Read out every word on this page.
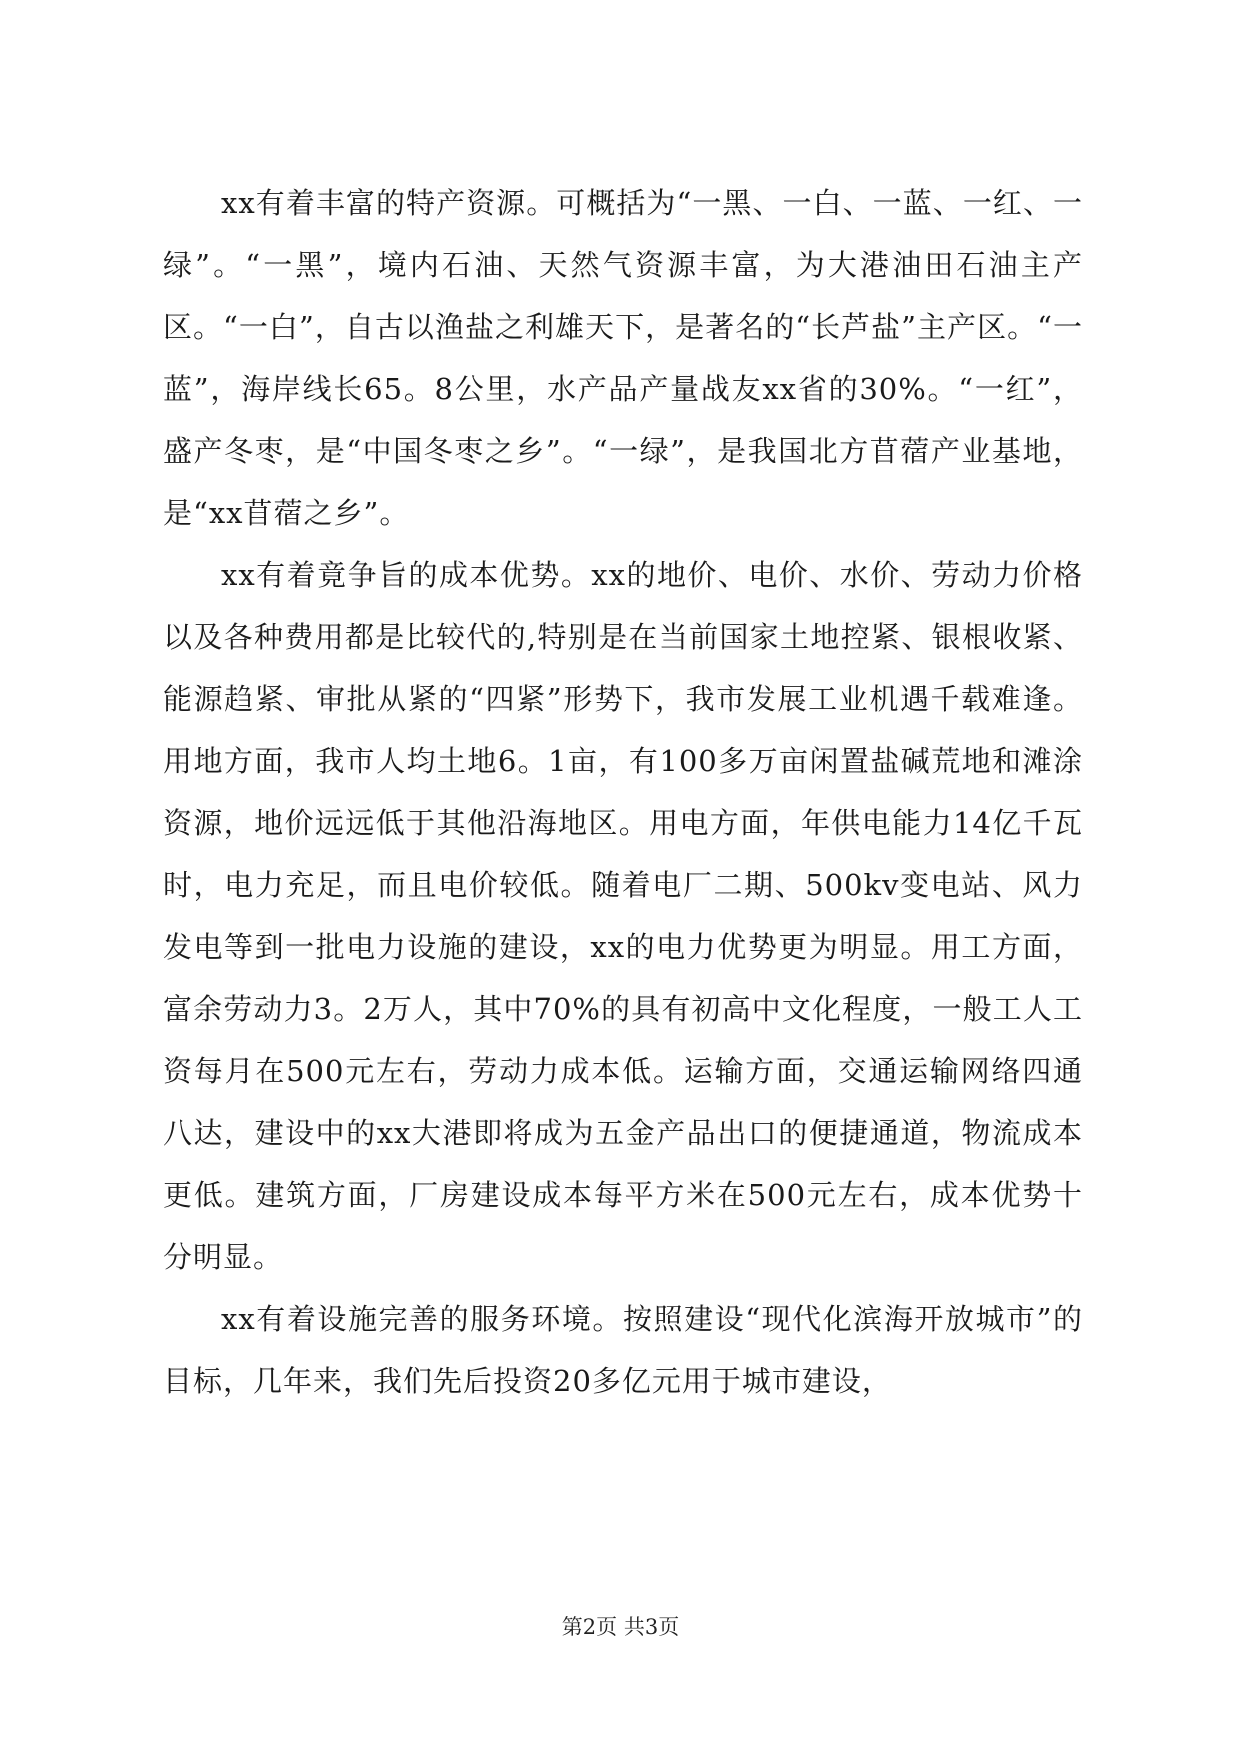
xx有着丰富的特产资源。可概括为“一黑、一白、一蓝、一红、一绿”。“一黑”，境内石油、天然气资源丰富，为大港油田石油主产区。“一白”，自古以渔盐之利雄天下，是著名的“长芦盐”主产区。“一蓝”，海岸线长65。8公里，水产品产量战友xx省的30%。“一红”，盛产冬枣，是“中国冬枣之乡”。“一绿”，是我国北方苜蓿产业基地，是“xx苜蓿之乡”。

xx有着竟争旨的成本优势。xx的地价、电价、水价、劳动力价格以及各种费用都是比较代的,特别是在当前国家土地控紧、银根收紧、能源趋紧、审批从紧的“四紧”形势下，我市发展工业机遇千载难逢。用地方面，我市人均土地6。1亩，有100多万亩闲置盐碱荒地和滩涂资源，地价远远低于其他沿海地区。用电方面，年供电能力14亿千瓦时，电力充足，而且电价较低。随着电厂二期、500kv变电站、风力发电等到一批电力设施的建设，xx的电力优势更为明显。用工方面，富余劳动力3。2万人，其中70%的具有初高中文化程度，一般工人工资每月在500元左右，劳动力成本低。运输方面，交通运输网络四通八达，建设中的xx大港即将成为五金产品出口的便捷通道，物流成本更低。建筑方面，厂房建设成本每平方米在500元左右，成本优势十分明显。

xx有着设施完善的服务环境。按照建设“现代化滨海开放城市”的目标，几年来，我们先后投资20多亿元用于城市建设，

第2页 共3页
